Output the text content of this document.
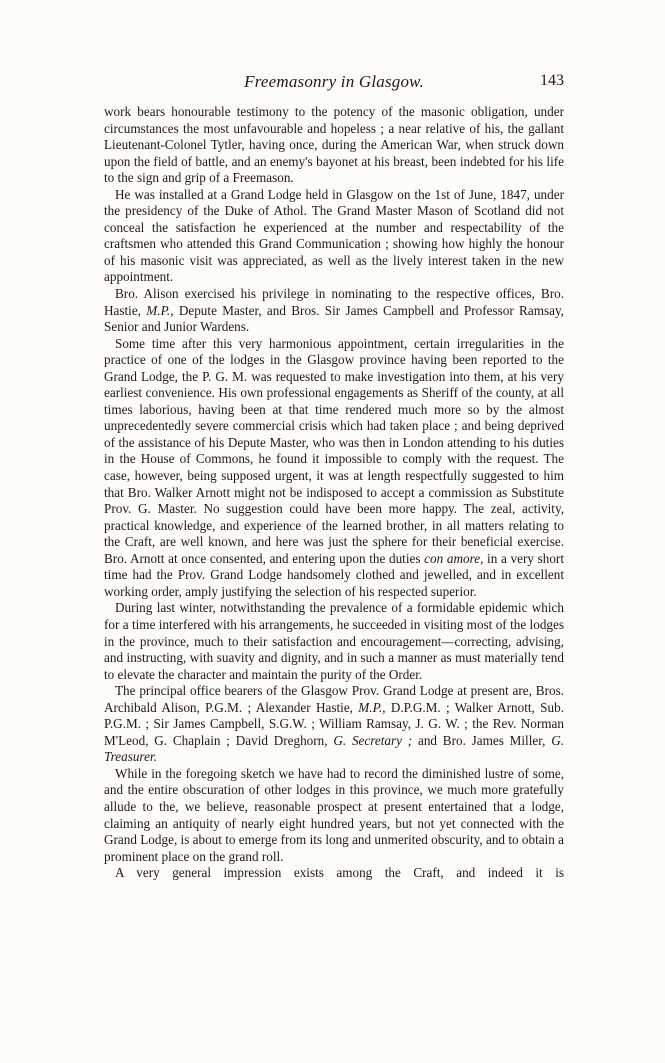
Freemasonry in Glasgow.	143

work bears honourable testimony to the potency of the masonic obligation, under circumstances the most unfavourable and hopeless ; a near relative of his, the gallant Lieutenant-Colonel Tytler, having once, during the American War, when struck down upon the field of battle, and an enemy's bayonet at his breast, been indebted for his life to the sign and grip of a Freemason.

He was installed at a Grand Lodge held in Glasgow on the 1st of June, 1847, under the presidency of the Duke of Athol. The Grand Master Mason of Scotland did not conceal the satisfaction he experienced at the number and respectability of the craftsmen who attended this Grand Communication ; showing how highly the honour of his masonic visit was appreciated, as well as the lively interest taken in the new appointment.

Bro. Alison exercised his privilege in nominating to the respective offices, Bro. Hastie, M.P., Depute Master, and Bros. Sir James Campbell and Professor Ramsay, Senior and Junior Wardens.

Some time after this very harmonious appointment, certain irregularities in the practice of one of the lodges in the Glasgow province having been reported to the Grand Lodge, the P. G. M. was requested to make investigation into them, at his very earliest convenience. His own professional engagements as Sheriff of the county, at all times laborious, having been at that time rendered much more so by the almost unprecedentedly severe commercial crisis which had taken place ; and being deprived of the assistance of his Depute Master, who was then in London attending to his duties in the House of Commons, he found it impossible to comply with the request. The case, however, being supposed urgent, it was at length respectfully suggested to him that Bro. Walker Arnott might not be indisposed to accept a commission as Substitute Prov. G. Master. No suggestion could have been more happy. The zeal, activity, practical knowledge, and experience of the learned brother, in all matters relating to the Craft, are well known, and here was just the sphere for their beneficial exercise. Bro. Arnott at once consented, and entering upon the duties con amore, in a very short time had the Prov. Grand Lodge handsomely clothed and jewelled, and in excellent working order, amply justifying the selection of his respected superior.

During last winter, notwithstanding the prevalence of a formidable epidemic which for a time interfered with his arrangements, he succeeded in visiting most of the lodges in the province, much to their satisfaction and encouragement—correcting, advising, and instructing, with suavity and dignity, and in such a manner as must materially tend to elevate the character and maintain the purity of the Order.

The principal office bearers of the Glasgow Prov. Grand Lodge at present are, Bros. Archibald Alison, P.G.M. ; Alexander Hastie, M.P., D.P.G.M. ; Walker Arnott, Sub. P.G.M. ; Sir James Campbell, S.G.W. ; William Ramsay, J. G. W. ; the Rev. Norman M'Leod, G. Chaplain ; David Dreghorn, G. Secretary ; and Bro. James Miller, G. Treasurer.

While in the foregoing sketch we have had to record the diminished lustre of some, and the entire obscuration of other lodges in this province, we much more gratefully allude to the, we believe, reasonable prospect at present entertained that a lodge, claiming an antiquity of nearly eight hundred years, but not yet connected with the Grand Lodge, is about to emerge from its long and unmerited obscurity, and to obtain a prominent place on the grand roll.

A very general impression exists among the Craft, and indeed it is
